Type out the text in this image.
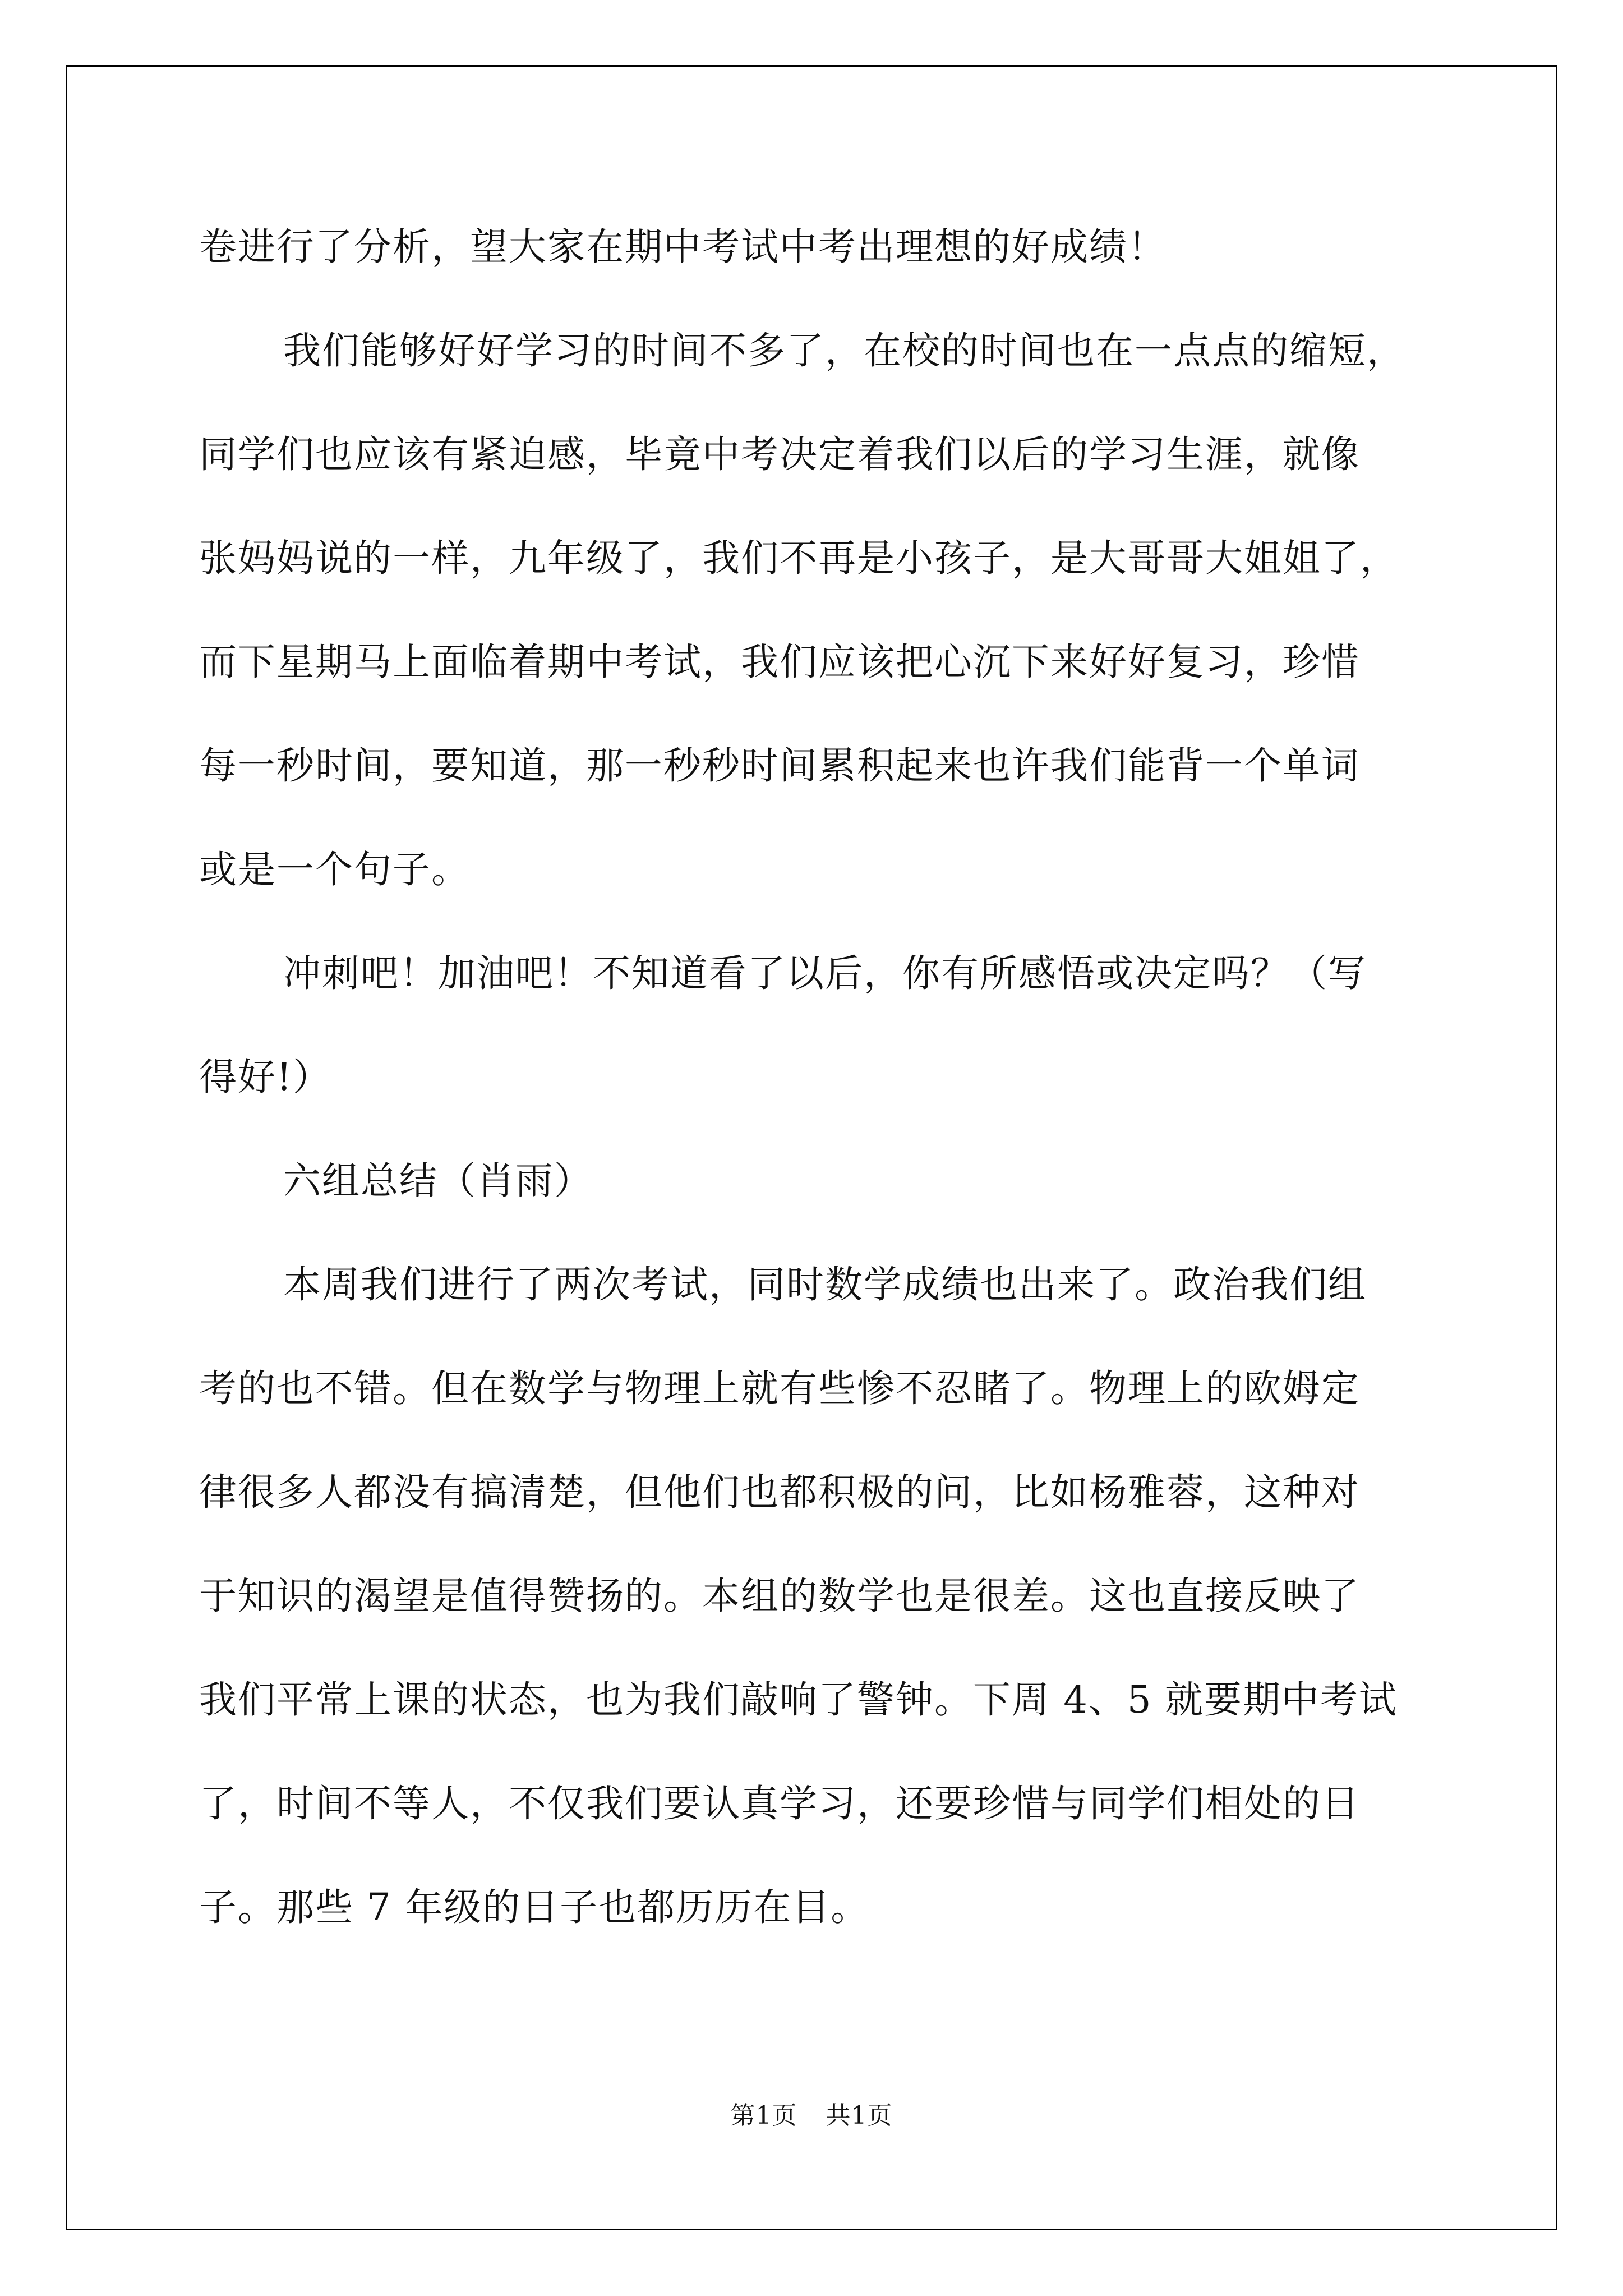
卷进行了分析，望大家在期中考试中考出理想的好成绩！
我们能够好好学习的时间不多了，在校的时间也在一点点的缩短，
同学们也应该有紧迫感，毕竟中考决定着我们以后的学习生涯，就像
张妈妈说的一样，九年级了，我们不再是小孩子，是大哥哥大姐姐了，
而下星期马上面临着期中考试，我们应该把心沉下来好好复习，珍惜
每一秒时间，要知道，那一秒秒时间累积起来也许我们能背一个单词
或是一个句子。
冲刺吧！加油吧！不知道看了以后，你有所感悟或决定吗？（写
得好!）
六组总结（肖雨）
本周我们进行了两次考试，同时数学成绩也出来了。政治我们组
考的也不错。但在数学与物理上就有些惨不忍睹了。物理上的欧姆定
律很多人都没有搞清楚，但他们也都积极的问，比如杨雅蓉，这种对
于知识的渴望是值得赞扬的。本组的数学也是很差。这也直接反映了
我们平常上课的状态，也为我们敲响了警钟。下周 4、5 就要期中考试
了，时间不等人，不仅我们要认真学习，还要珍惜与同学们相处的日
子。那些 7 年级的日子也都历历在目。
第1页 共1页
